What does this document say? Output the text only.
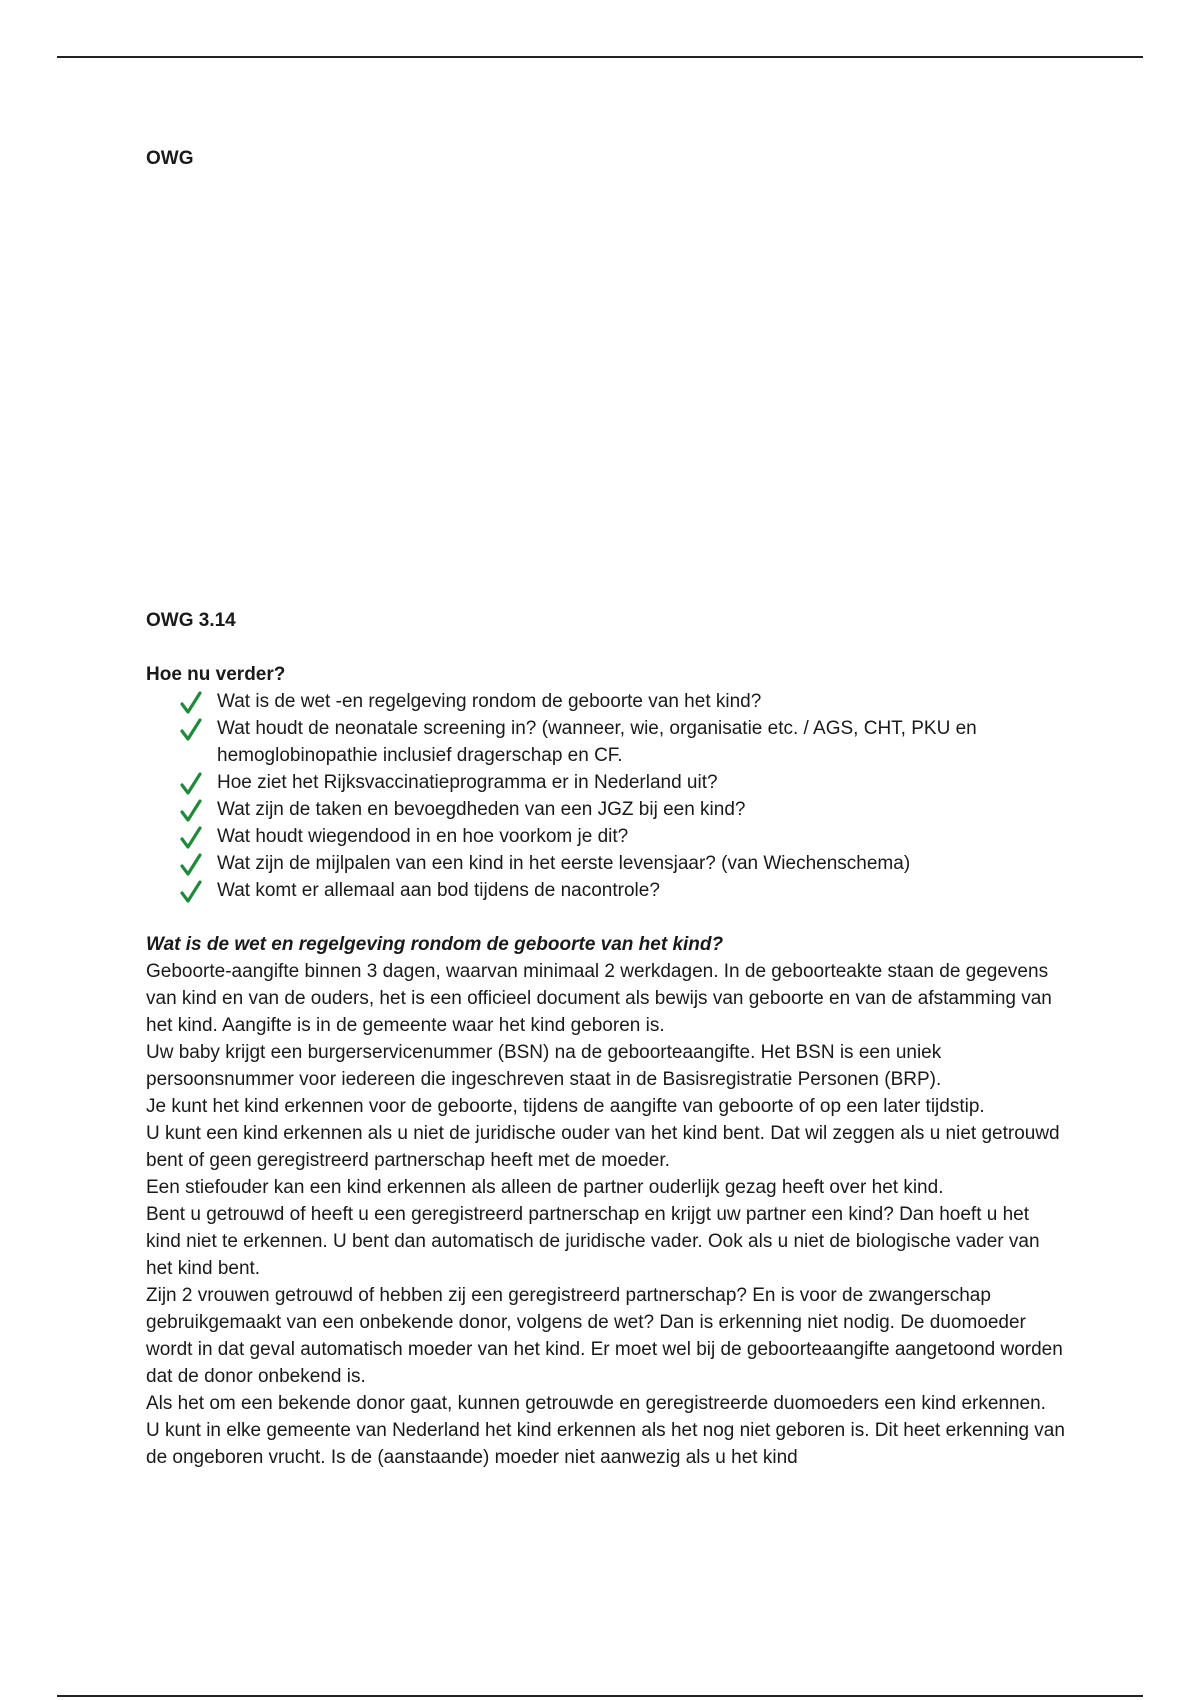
OWG

OWG 3.14

Hoe nu verder?

Wat is de wet -en regelgeving rondom de geboorte van het kind?
Wat houdt de neonatale screening in? (wanneer, wie, organisatie etc. / AGS, CHT, PKU en hemoglobinopathie inclusief dragerschap en CF.
Hoe ziet het Rijksvaccinatieprogramma er in Nederland uit?
Wat zijn de taken en bevoegdheden van een JGZ bij een kind?
Wat houdt wiegendood in en hoe voorkom je dit?
Wat zijn de mijlpalen van een kind in het eerste levensjaar? (van Wiechenschema)
Wat komt er allemaal aan bod tijdens de nacontrole?

Wat is de wet en regelgeving rondom de geboorte van het kind?

Geboorte-aangifte binnen 3 dagen, waarvan minimaal 2 werkdagen. In de geboorteakte staan de gegevens van kind en van de ouders, het is een officieel document als bewijs van geboorte en van de afstamming van het kind. Aangifte is in de gemeente waar het kind geboren is.

Uw baby krijgt een burgerservicenummer (BSN) na de geboorteaangifte. Het BSN is een uniek persoonsnummer voor iedereen die ingeschreven staat in de Basisregistratie Personen (BRP).

Je kunt het kind erkennen voor de geboorte, tijdens de aangifte van geboorte of op een later tijdstip.

U kunt een kind erkennen als u niet de juridische ouder van het kind bent. Dat wil zeggen als u niet getrouwd bent of geen geregistreerd partnerschap heeft met de moeder.

Een stiefouder kan een kind erkennen als alleen de partner ouderlijk gezag heeft over het kind.

Bent u getrouwd of heeft u een geregistreerd partnerschap en krijgt uw partner een kind? Dan hoeft u het kind niet te erkennen. U bent dan automatisch de juridische vader. Ook als u niet de biologische vader van het kind bent.

Zijn 2 vrouwen getrouwd of hebben zij een geregistreerd partnerschap? En is voor de zwangerschap gebruikgemaakt van een onbekende donor, volgens de wet? Dan is erkenning niet nodig. De duomoeder wordt in dat geval automatisch moeder van het kind. Er moet wel bij de geboorteaangifte aangetoond worden dat de donor onbekend is.

Als het om een bekende donor gaat, kunnen getrouwde en geregistreerde duomoeders een kind erkennen.

U kunt in elke gemeente van Nederland het kind erkennen als het nog niet geboren is. Dit heet erkenning van de ongeboren vrucht. Is de (aanstaande) moeder niet aanwezig als u het kind
